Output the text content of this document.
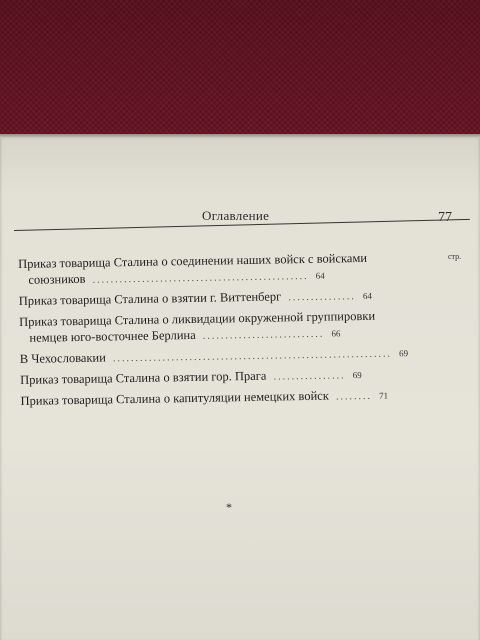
Оглавление	77
стр.
Приказ товарища Сталина о соединении наших войск с войсками
союзников ................................................ 64
Приказ товарища Сталина о взятии г. Виттенберг ............... 64
Приказ товарища Сталина о ликвидации окруженной группировки
немцев юго-восточнее Берлина ........................... 66
В Чехословакии .............................................................. 69
Приказ товарища Сталина о взятии гор. Прага ................ 69
Приказ товарища Сталина о капитуляции немецких войск ........ 71
*
